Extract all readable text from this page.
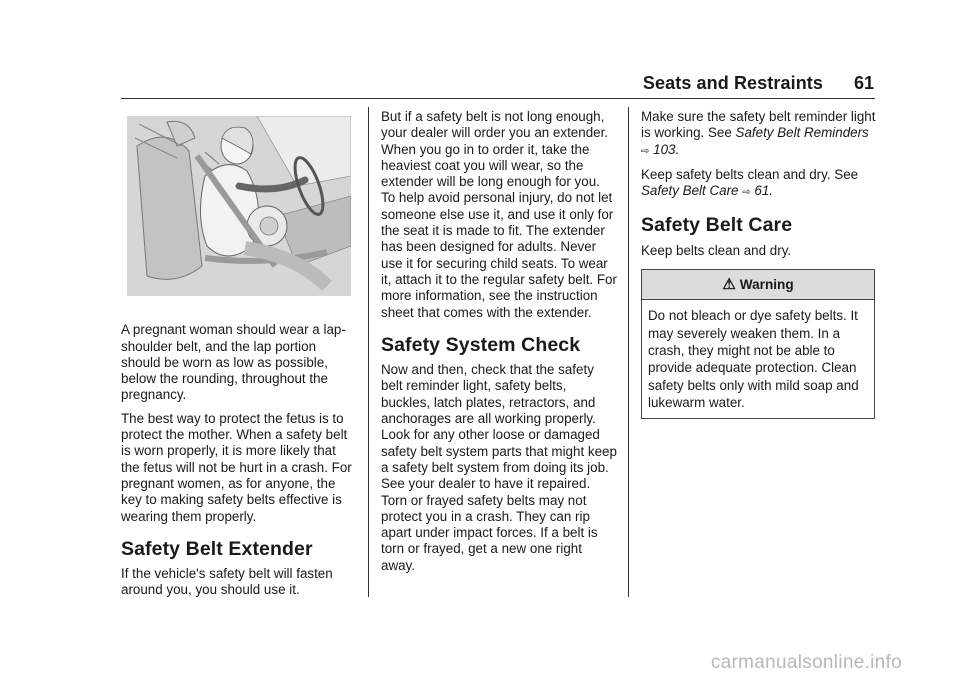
Seats and Restraints 61

A pregnant woman should wear a lap-shoulder belt, and the lap portion should be worn as low as possible, below the rounding, throughout the pregnancy.

The best way to protect the fetus is to protect the mother. When a safety belt is worn properly, it is more likely that the fetus will not be hurt in a crash. For pregnant women, as for anyone, the key to making safety belts effective is wearing them properly.

Safety Belt Extender

If the vehicle's safety belt will fasten around you, you should use it.

But if a safety belt is not long enough, your dealer will order you an extender. When you go in to order it, take the heaviest coat you will wear, so the extender will be long enough for you. To help avoid personal injury, do not let someone else use it, and use it only for the seat it is made to fit. The extender has been designed for adults. Never use it for securing child seats. To wear it, attach it to the regular safety belt. For more information, see the instruction sheet that comes with the extender.

Safety System Check

Now and then, check that the safety belt reminder light, safety belts, buckles, latch plates, retractors, and anchorages are all working properly. Look for any other loose or damaged safety belt system parts that might keep a safety belt system from doing its job. See your dealer to have it repaired. Torn or frayed safety belts may not protect you in a crash. They can rip apart under impact forces. If a belt is torn or frayed, get a new one right away.

Make sure the safety belt reminder light is working. See Safety Belt Reminders ⇨ 103.

Keep safety belts clean and dry. See Safety Belt Care ⇨ 61.

Safety Belt Care

Keep belts clean and dry.

⚠ Warning
Do not bleach or dye safety belts. It may severely weaken them. In a crash, they might not be able to provide adequate protection. Clean safety belts only with mild soap and lukewarm water.
carmanualsonline.info
